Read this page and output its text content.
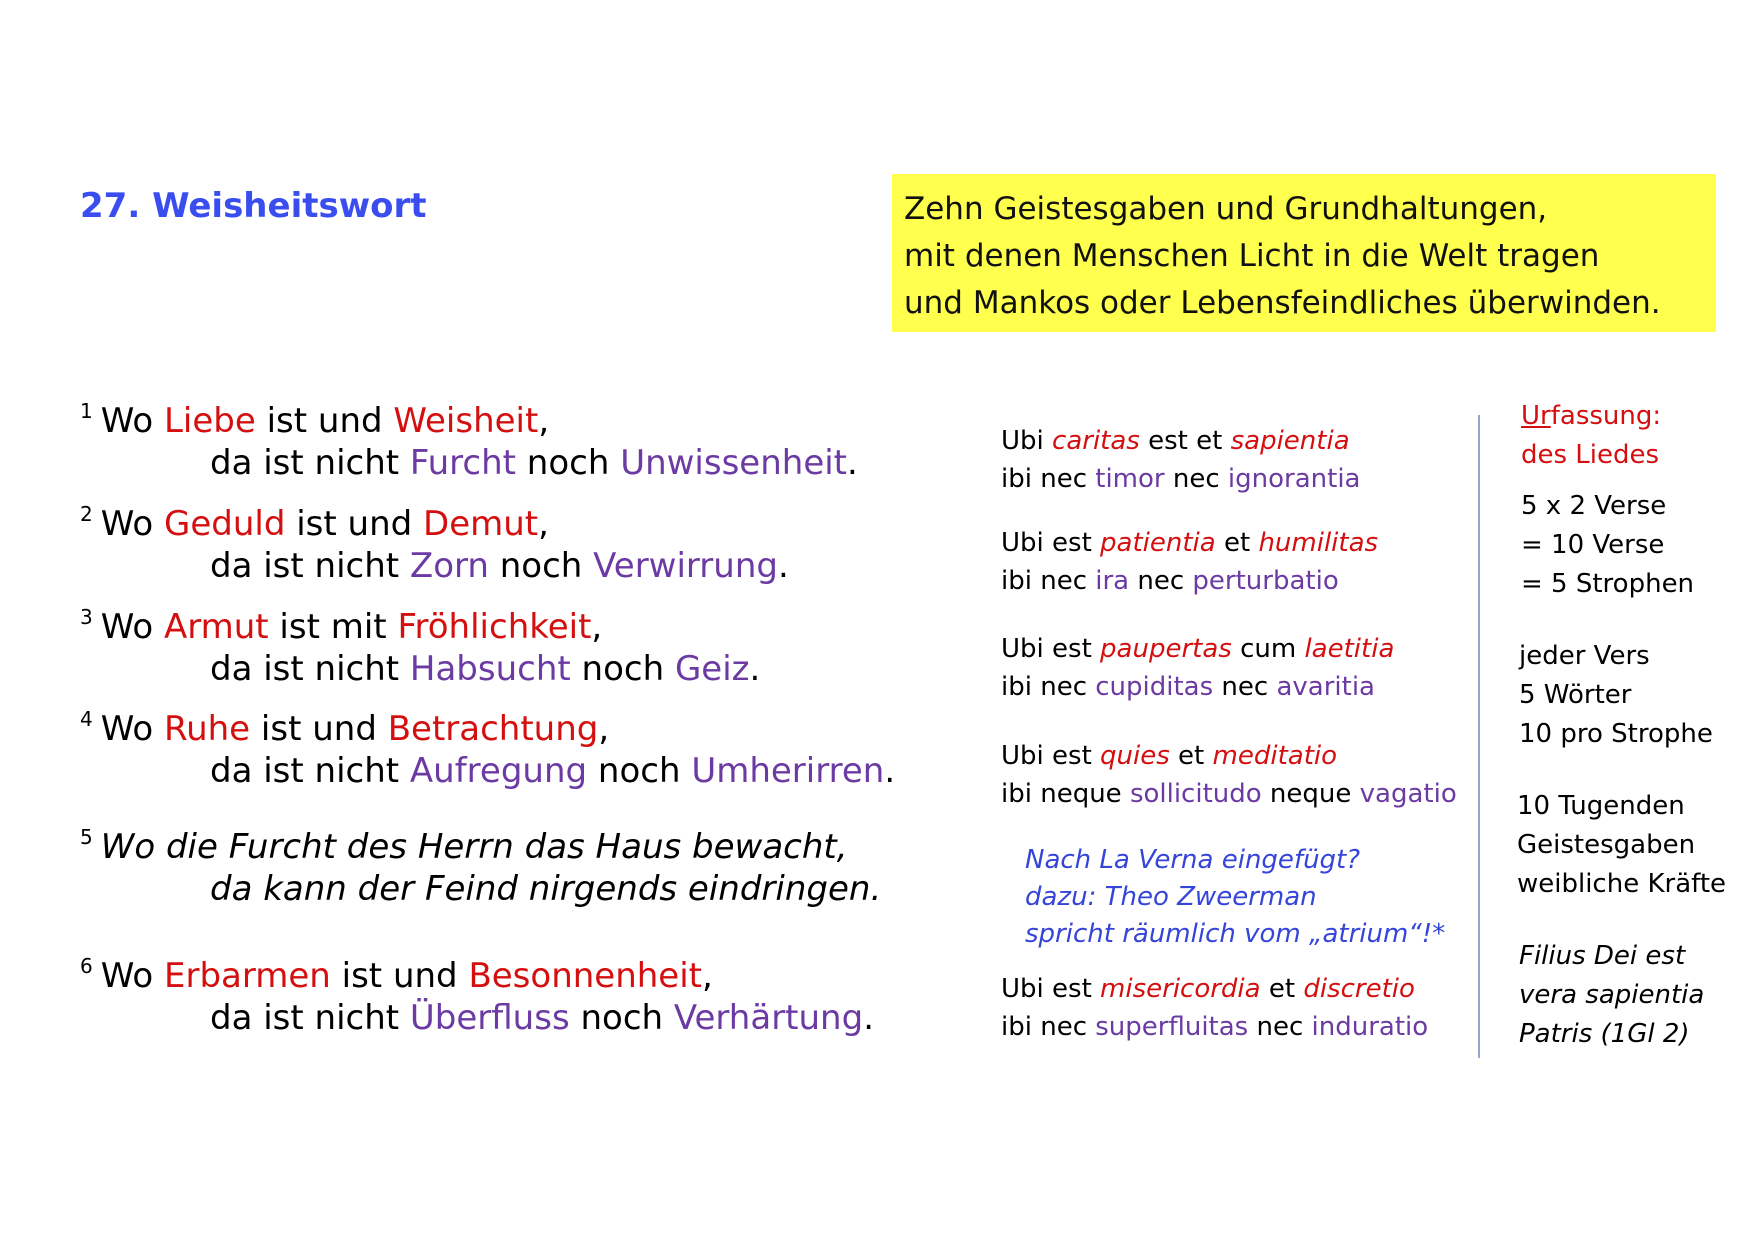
27. Weisheitswort	Zehn Geistesgaben und Grundhaltungen,
mit denen Menschen Licht in die Welt tragen
und Mankos oder Lebensfeindliches überwinden.
$^1$ Wo Liebe ist und Weisheit,
da ist nicht Furcht noch Unwissenheit.
$^2$ Wo Geduld ist und Demut,
da ist nicht Zorn noch Verwirrung.
$^3$ Wo Armut ist mit Fröhlichkeit,
da ist nicht Habsucht noch Geiz.
$^4$ Wo Ruhe ist und Betrachtung,
da ist nicht Aufregung noch Umherirren.
$^5$ Wo die Furcht des Herrn das Haus bewacht,
da kann der Feind nirgends eindringen.
$^6$ Wo Erbarmen ist und Besonnenheit,
da ist nicht Überfluss noch Verhärtung.
Ubi caritas est et sapientia
ibi nec timor nec ignorantia
Ubi est patientia et humilitas
ibi nec ira nec perturbatio
Ubi est paupertas cum laetitia
ibi nec cupiditas nec avaritia
Ubi est quies et meditatio
ibi neque sollicitudo neque vagatio
Nach La Verna eingefügt?
dazu: Theo Zweerman
spricht räumlich vom „atrium“!*
Ubi est misericordia et discretio
ibi nec superfluitas nec induratio
Urfassung:
des Liedes
5 x 2 Verse
= 10 Verse
= 5 Strophen
jeder Vers
5 Wörter
10 pro Strophe
10 Tugenden
Geistesgaben
weibliche Kräfte
Filius Dei est
vera sapientia
Patris (1Gl 2)
